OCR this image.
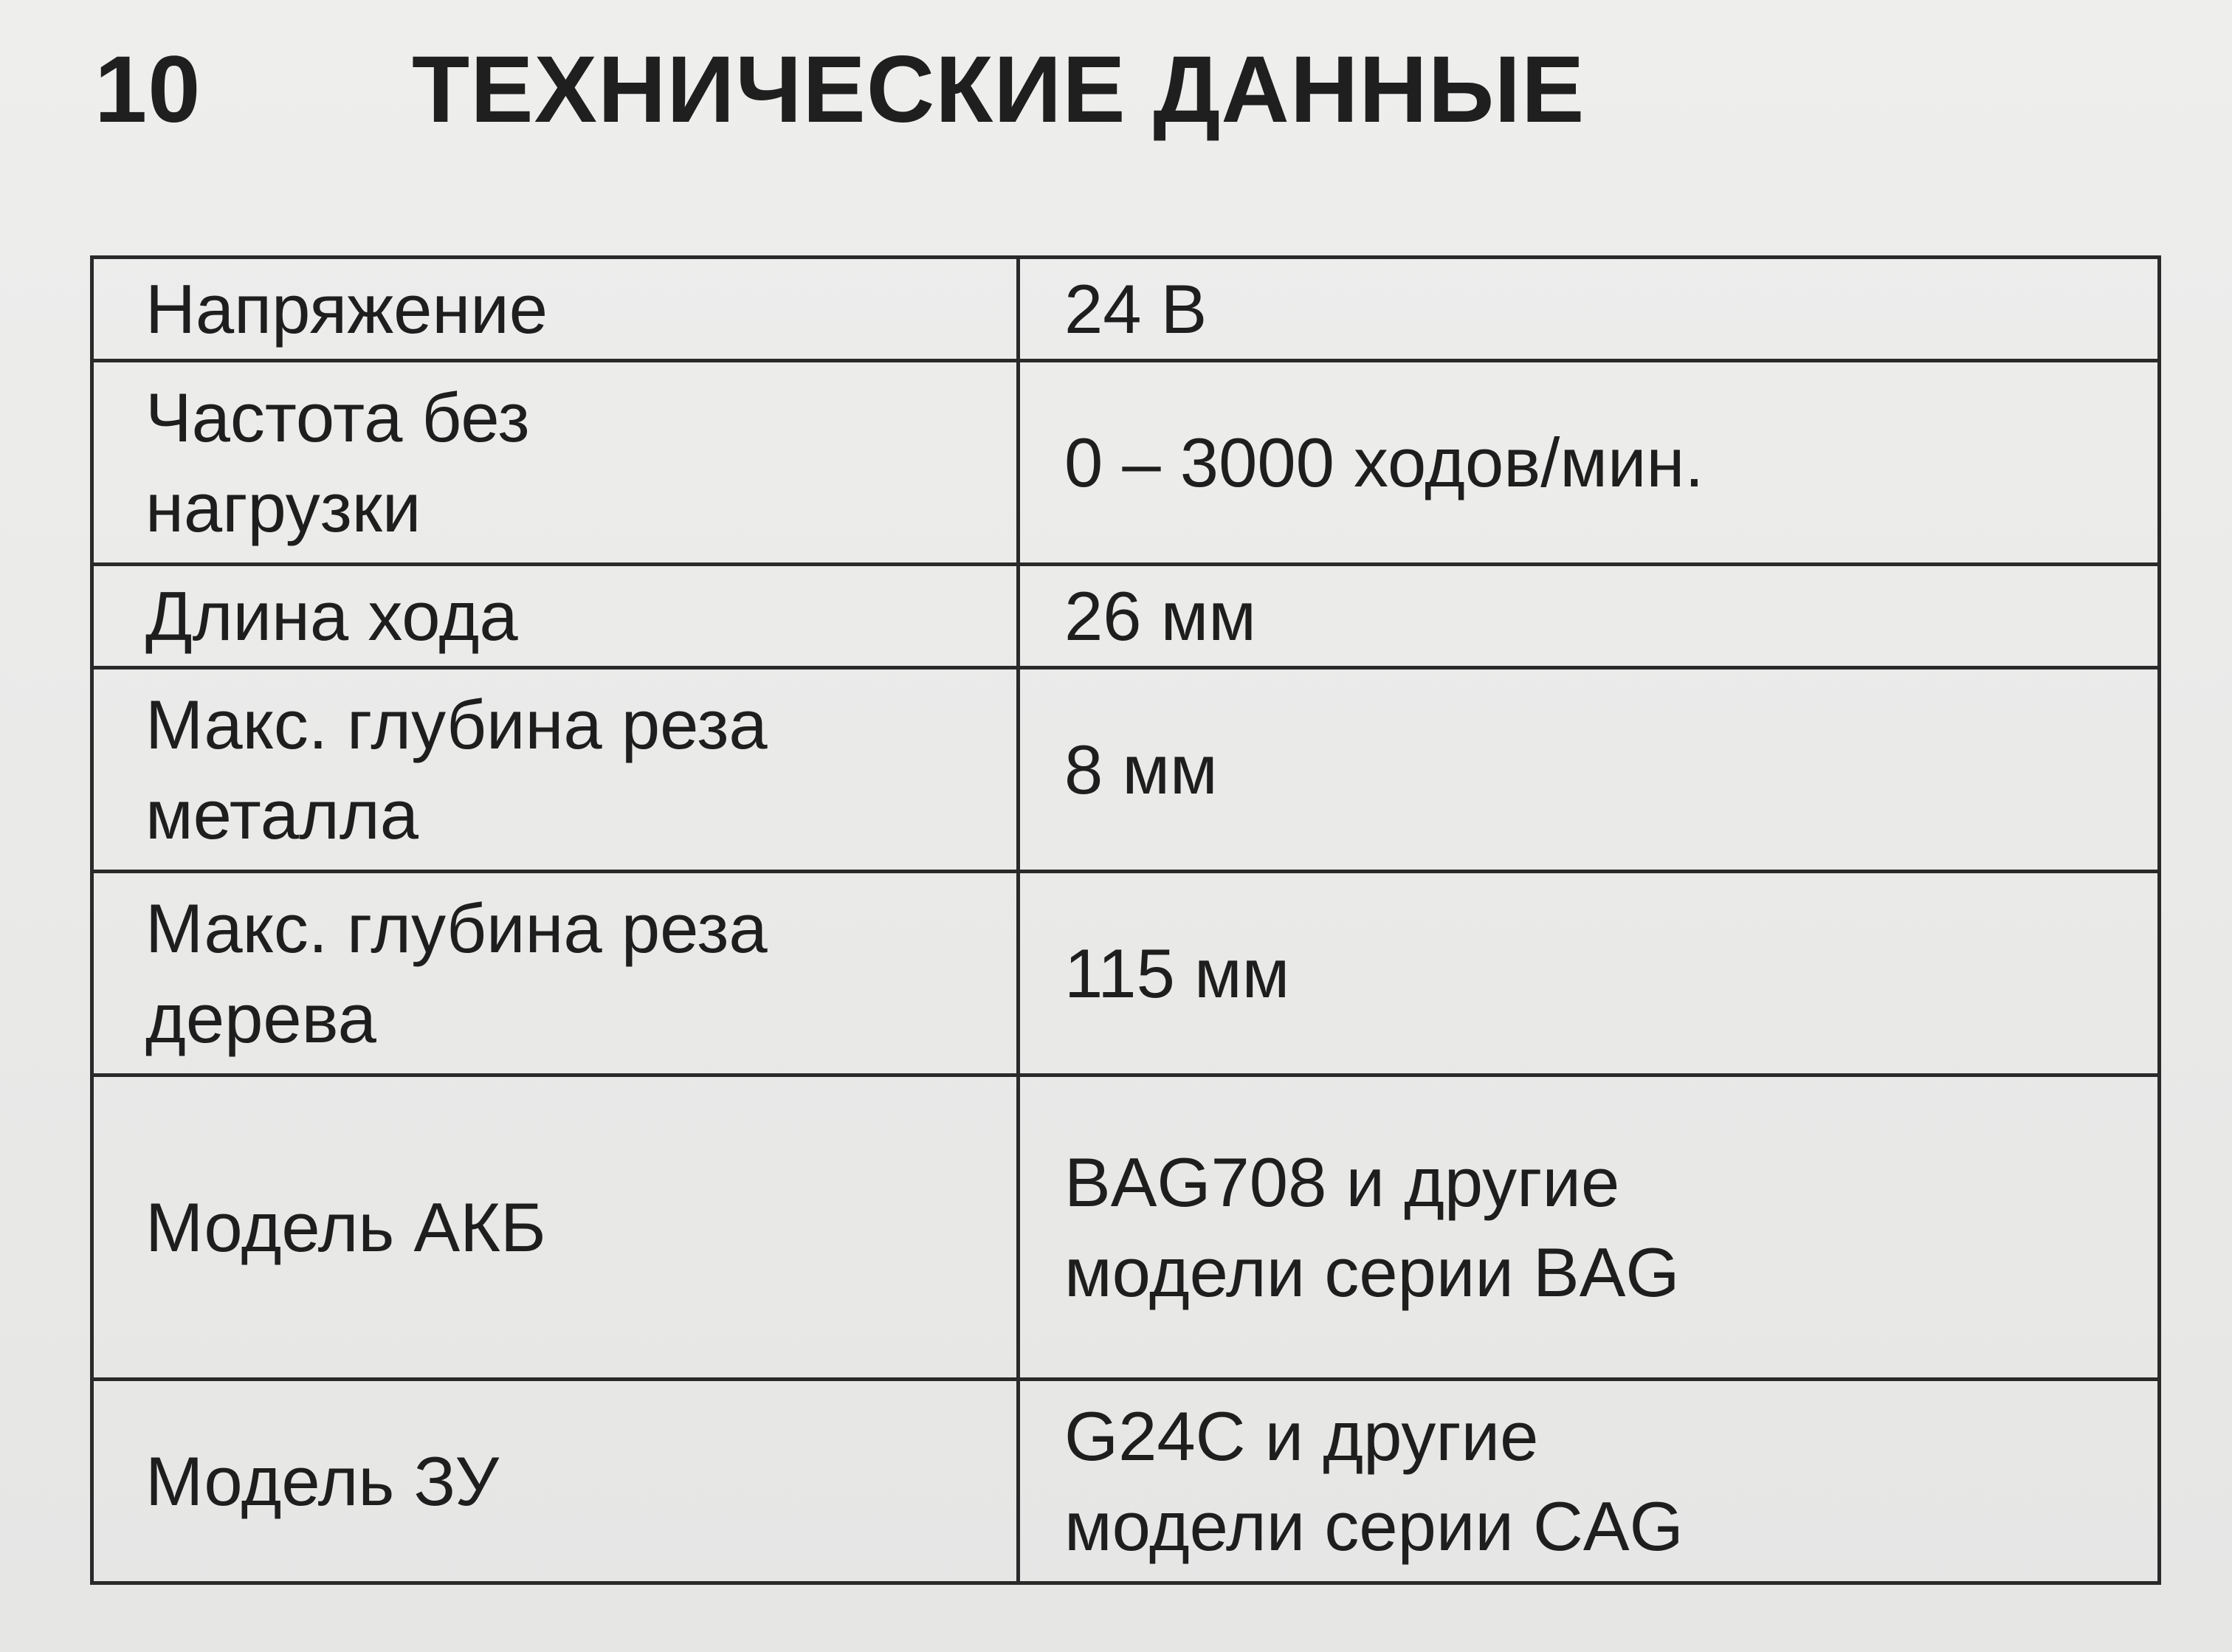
10 ТЕХНИЧЕСКИЕ ДАННЫЕ
Напряжение	24 В
Частота без
нагрузки	0 – 3000 ходов/мин.
Длина хода	26 мм
Макс. глубина реза
металла	8 мм
Макс. глубина реза
дерева	115 мм
Модель АКБ	BAG708 и другие
модели серии BAG
Модель ЗУ	G24C и другие
модели серии CAG
